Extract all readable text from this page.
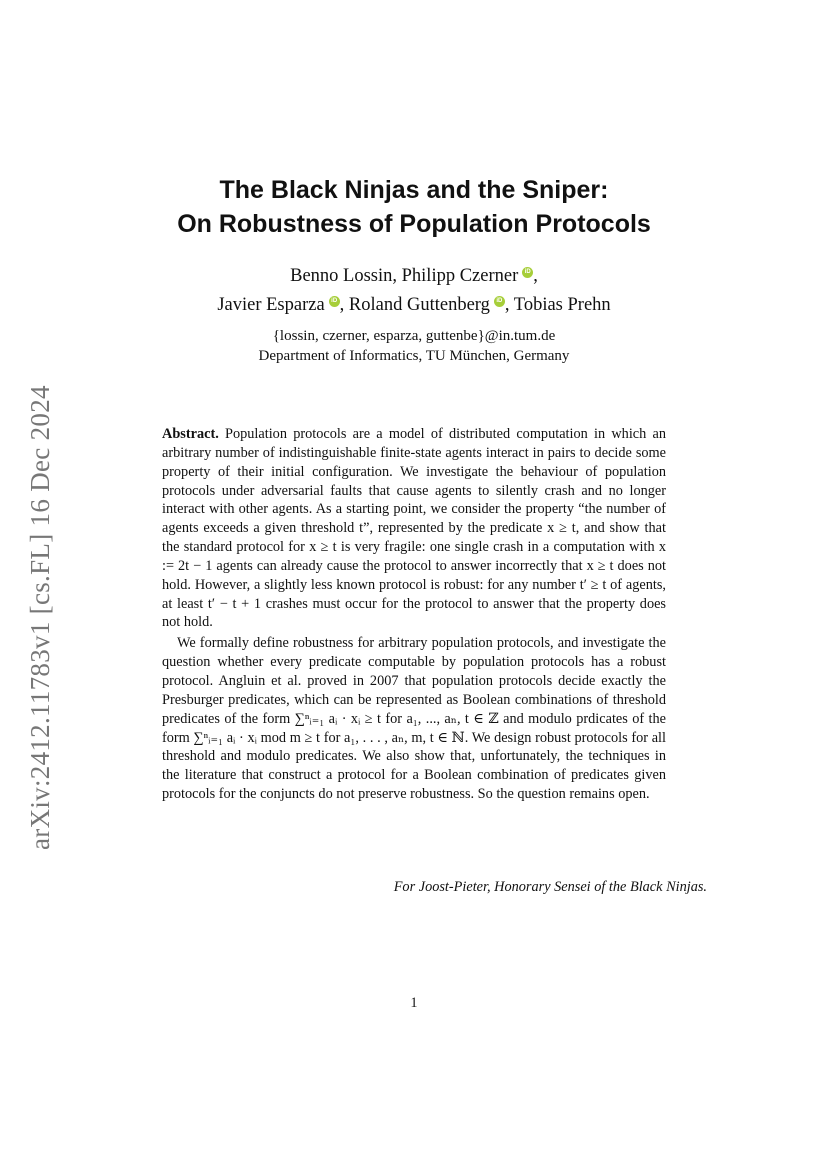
arXiv:2412.11783v1 [cs.FL] 16 Dec 2024
The Black Ninjas and the Sniper:
On Robustness of Population Protocols
Benno Lossin, Philipp Czerner iD ,
Javier Esparza iD , Roland Guttenberg iD , Tobias Prehn
{lossin, czerner, esparza, guttenbe}@in.tum.de
Department of Informatics, TU München, Germany

Abstract. Population protocols are a model of distributed computation in which an arbitrary number of indistinguishable finite-state agents interact in pairs to decide some property of their initial configuration. We investigate the behaviour of population protocols under adversarial faults that cause agents to silently crash and no longer interact with other agents. As a starting point, we consider the property “the number of agents exceeds a given threshold t”, represented by the predicate x ≥ t, and show that the standard protocol for x ≥ t is very fragile: one single crash in a computation with x := 2t − 1 agents can already cause the protocol to answer incorrectly that x ≥ t does not hold. However, a slightly less known protocol is robust: for any number t′ ≥ t of agents, at least t′ − t + 1 crashes must occur for the protocol to answer that the property does not hold.

We formally define robustness for arbitrary population protocols, and investigate the question whether every predicate computable by population protocols has a robust protocol. Angluin et al. proved in 2007 that population protocols decide exactly the Presburger predicates, which can be represented as Boolean combinations of threshold predicates of the form ∑ⁿᵢ₌₁ aᵢ · xᵢ ≥ t for a₁, ..., aₙ, t ∈ ℤ and modulo prdicates of the form ∑ⁿᵢ₌₁ aᵢ · xᵢ mod m ≥ t for a₁, . . . , aₙ, m, t ∈ ℕ. We design robust protocols for all threshold and modulo predicates. We also show that, unfortunately, the techniques in the literature that construct a protocol for a Boolean combination of predicates given protocols for the conjuncts do not preserve robustness. So the question remains open.

For Joost-Pieter, Honorary Sensei of the Black Ninjas.
1
